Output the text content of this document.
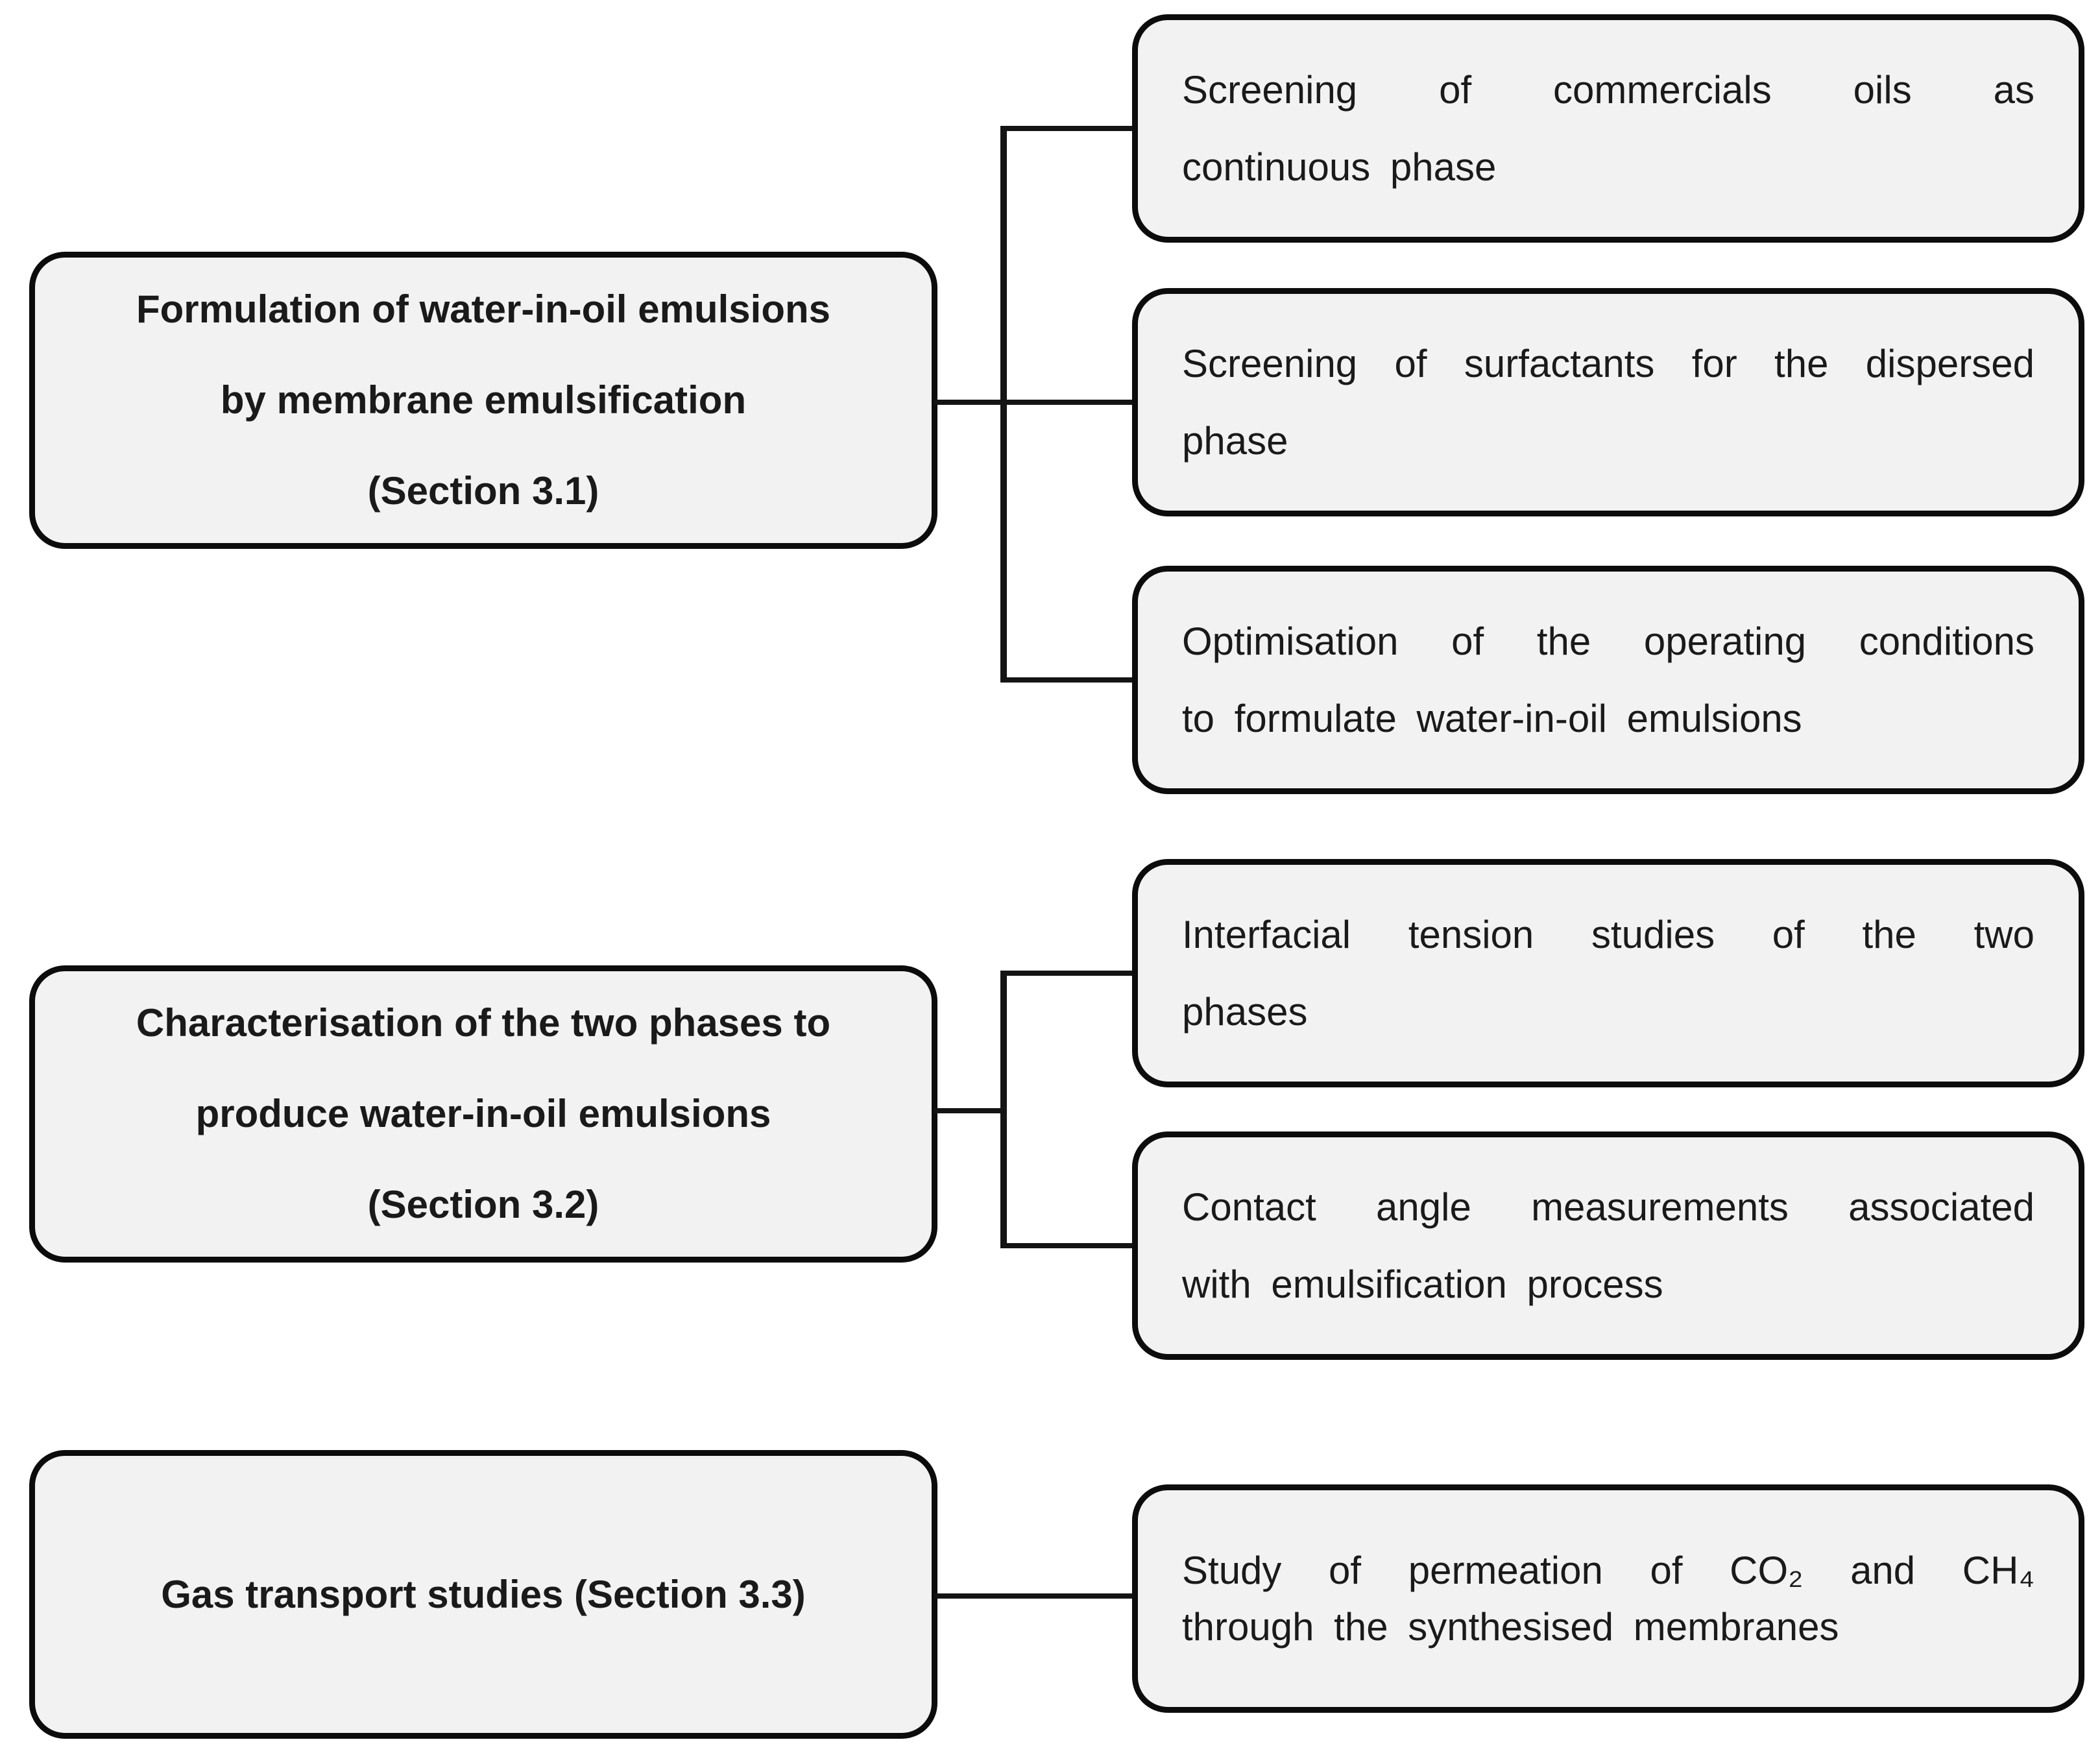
Formulation of water-in-oil emulsions
by membrane emulsification
(Section 3.1)
Characterisation of the two phases to
produce water-in-oil emulsions
(Section 3.2)
Gas transport studies (Section 3.3)
Screening of commercials oils as
continuous phase
Screening of surfactants for the dispersed
phase
Optimisation of the operating conditions
to formulate water-in-oil emulsions
Interfacial tension studies of the two
phases
Contact angle measurements associated
with emulsification process
Study of permeation of CO₂ and CH₄
through the synthesised membranes
